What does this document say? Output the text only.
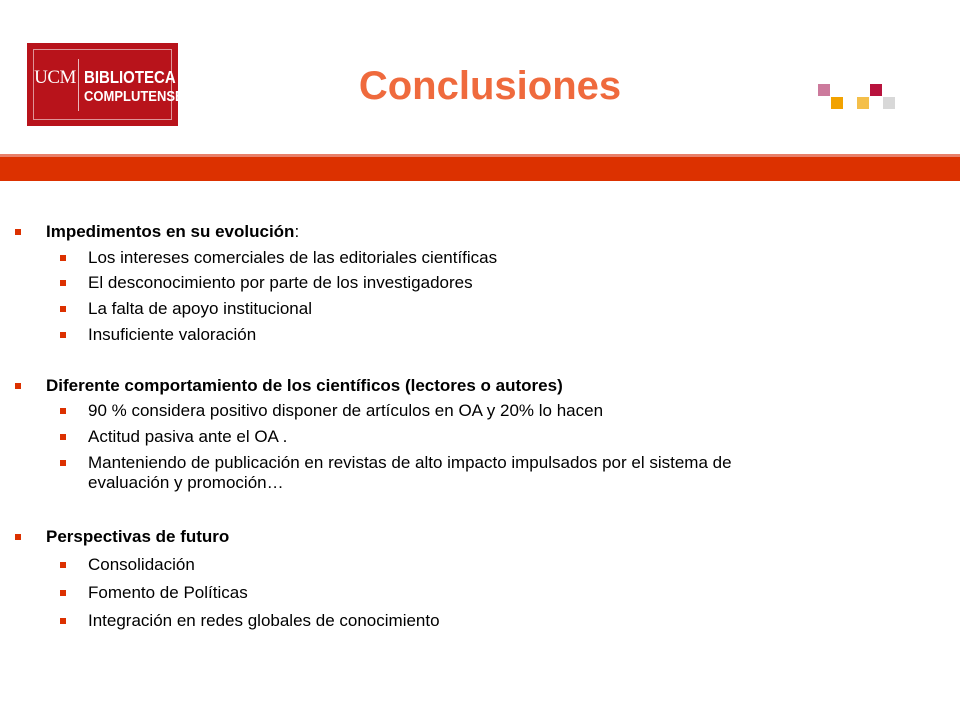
UCM BIBLIOTECA
COMPLUTENSE	Conclusiones
Impedimentos en su evolución:
Los intereses comerciales de las editoriales científicas
El desconocimiento por parte de los investigadores
La falta de apoyo institucional
Insuficiente valoración
Diferente comportamiento de los científicos (lectores o autores)
90 % considera positivo disponer de artículos en OA y 20% lo hacen
Actitud pasiva ante el OA .
Manteniendo de publicación en revistas de alto impacto impulsados por el sistema de evaluación y promoción…
Perspectivas de futuro
Consolidación
Fomento de Políticas
Integración en redes globales de conocimiento
